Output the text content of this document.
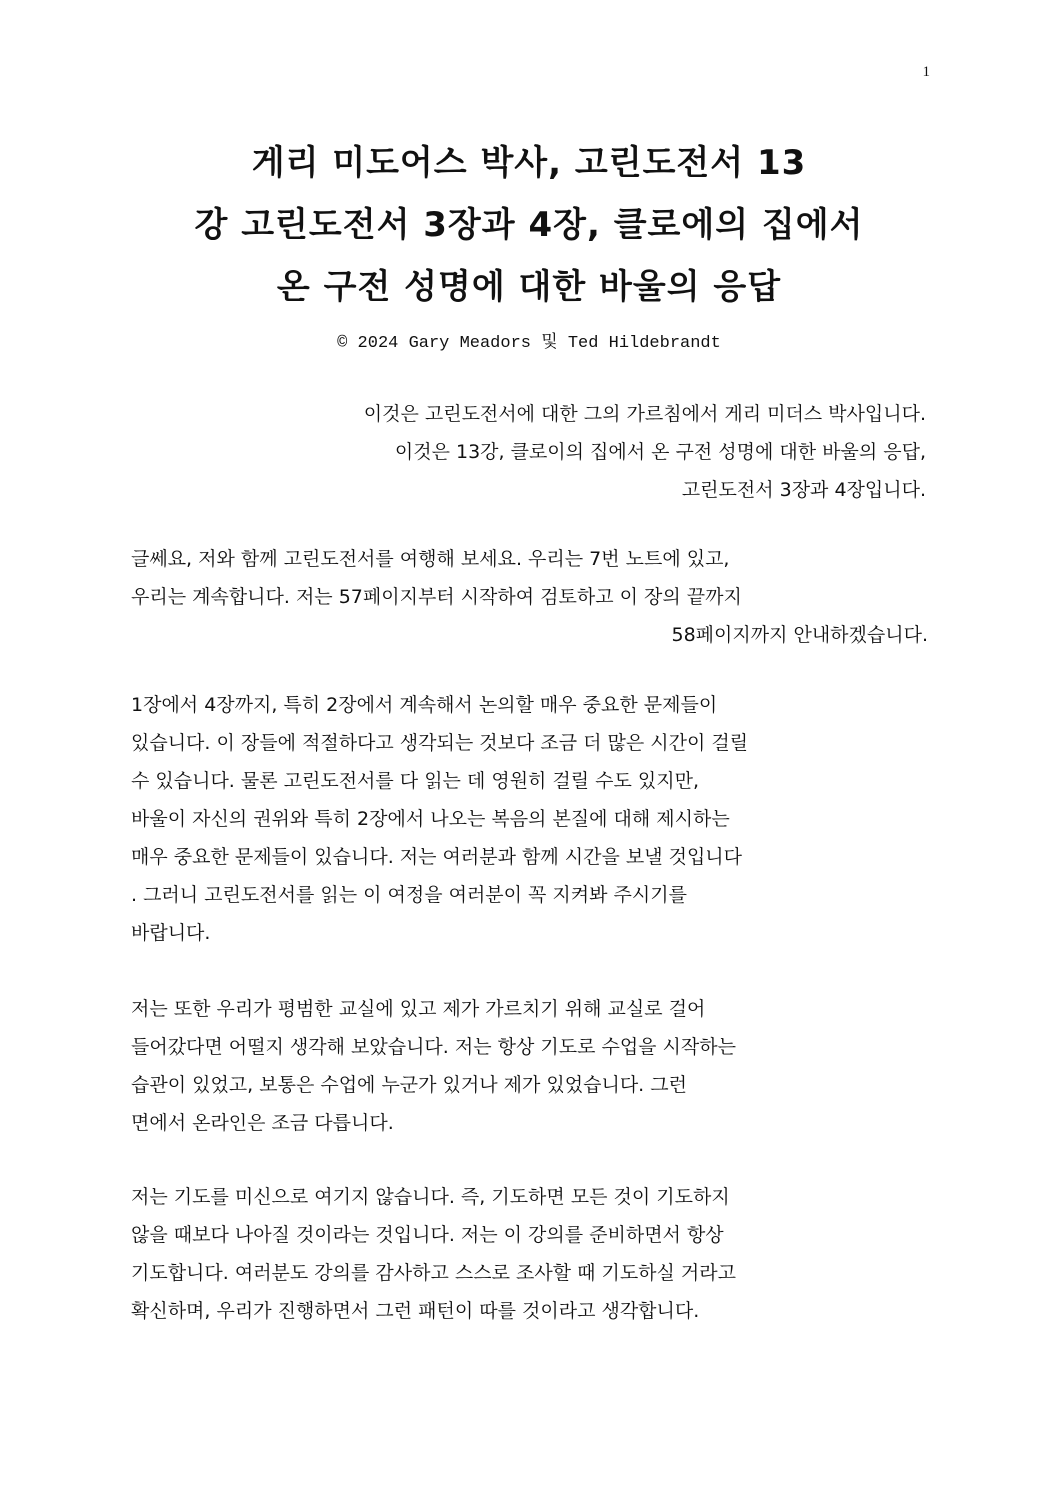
1
게리 미도어스 박사, 고린도전서 13
강 고린도전서 3장과 4장, 클로에의 집에서
온 구전 성명에 대한 바울의 응답
© 2024 Gary Meadors 및 Ted Hildebrandt
이것은 고린도전서에 대한 그의 가르침에서 게리 미더스 박사입니다.
이것은 13강, 클로이의 집에서 온 구전 성명에 대한 바울의 응답,
고린도전서 3장과 4장입니다.
글쎄요, 저와 함께 고린도전서를 여행해 보세요. 우리는 7번 노트에 있고,
우리는 계속합니다. 저는 57페이지부터 시작하여 검토하고 이 장의 끝까지
58페이지까지 안내하겠습니다.
1장에서 4장까지, 특히 2장에서 계속해서 논의할 매우 중요한 문제들이
있습니다. 이 장들에 적절하다고 생각되는 것보다 조금 더 많은 시간이 걸릴
수 있습니다. 물론 고린도전서를 다 읽는 데 영원히 걸릴 수도 있지만,
바울이 자신의 권위와 특히 2장에서 나오는 복음의 본질에 대해 제시하는
매우 중요한 문제들이 있습니다. 저는 여러분과 함께 시간을 보낼 것입니다
. 그러니 고린도전서를 읽는 이 여정을 여러분이 꼭 지켜봐 주시기를
바랍니다.
저는 또한 우리가 평범한 교실에 있고 제가 가르치기 위해 교실로 걸어
들어갔다면 어떨지 생각해 보았습니다. 저는 항상 기도로 수업을 시작하는
습관이 있었고, 보통은 수업에 누군가 있거나 제가 있었습니다. 그런
면에서 온라인은 조금 다릅니다.
저는 기도를 미신으로 여기지 않습니다. 즉, 기도하면 모든 것이 기도하지
않을 때보다 나아질 것이라는 것입니다. 저는 이 강의를 준비하면서 항상
기도합니다. 여러분도 강의를 감사하고 스스로 조사할 때 기도하실 거라고
확신하며, 우리가 진행하면서 그런 패턴이 따를 것이라고 생각합니다.
